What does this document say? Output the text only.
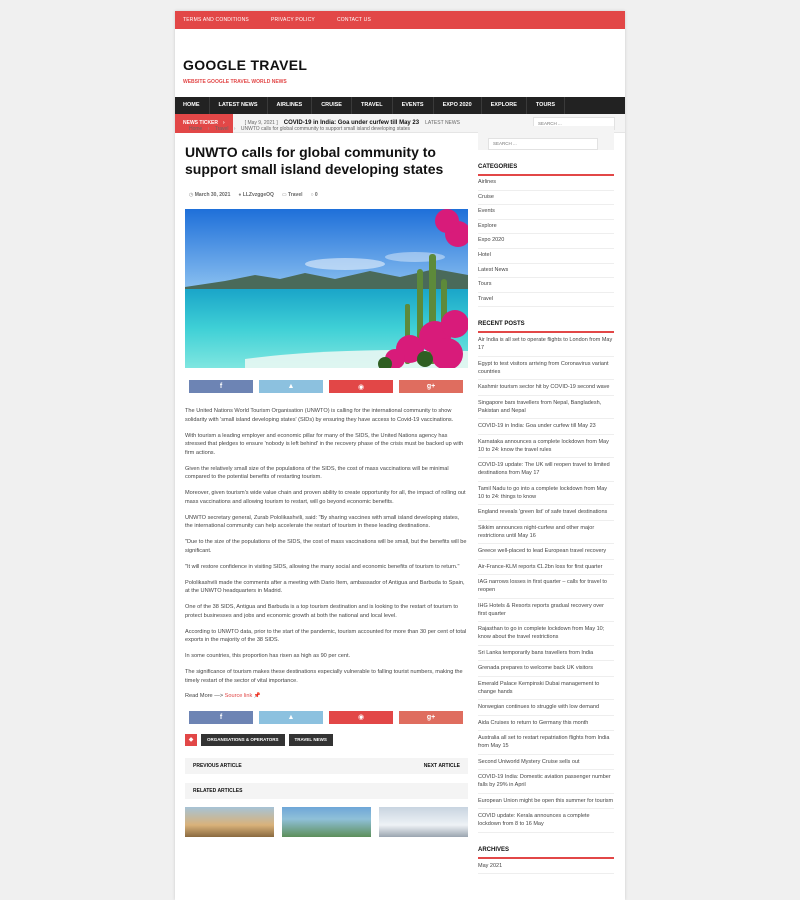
TERMS AND CONDITIONS	PRIVACY POLICY	CONTACT US
GOOGLE TRAVEL
WEBSITE GOOGLE TRAVEL WORLD NEWS
HOME	LATEST NEWS	AIRLINES	CRUISE	TRAVEL	EVENTS	EXPO 2020	EXPLORE	TOURS
NEWS TICKER ›	[ May 9, 2021 ] COVID-19 in India: Goa under curfew till May 23 LATEST NEWS
SEARCH ...
Home › Travel › UNWTO calls for global community to support small island developing states
UNWTO calls for global community to support small island developing states
◷ March 30, 2021 ● LLZvzggeOQ ▭ Travel ○ 0
f	▲	◉	g+

The United Nations World Tourism Organisation (UNWTO) is calling for the international community to show solidarity with 'small island developing states' (SIDs) by ensuring they have access to Covid-19 vaccinations.

With tourism a leading employer and economic pillar for many of the SIDS, the United Nations agency has stressed that pledges to ensure 'nobody is left behind' in the recovery phase of the crisis must be backed up with firm actions.

Given the relatively small size of the populations of the SIDS, the cost of mass vaccinations will be minimal compared to the potential benefits of restarting tourism.

Moreover, given tourism's wide value chain and proven ability to create opportunity for all, the impact of rolling out mass vaccinations and allowing tourism to restart, will go beyond economic benefits.

UNWTO secretary general, Zurab Pololikashvili, said: "By sharing vaccines with small island developing states, the international community can help accelerate the restart of tourism in these leading destinations.

"Due to the size of the populations of the SIDS, the cost of mass vaccinations will be small, but the benefits will be significant.

"It will restore confidence in visiting SIDS, allowing the many social and economic benefits of tourism to return."

Pololikashvili made the comments after a meeting with Dario Item, ambassador of Antigua and Barbuda to Spain, at the UNWTO headquarters in Madrid.

One of the 38 SIDS, Antigua and Barbuda is a top tourism destination and is looking to the restart of tourism to protect businesses and jobs and economic growth at both the national and local level.

According to UNWTO data, prior to the start of the pandemic, tourism accounted for more than 30 per cent of total exports in the majority of the 38 SIDS.

In some countries, this proportion has risen as high as 90 per cent.

The significance of tourism makes these destinations especially vulnerable to falling tourist numbers, making the timely restart of the sector of vital importance.

Read More —> Source link 📌
f	▲	◉	g+
◆	ORGANISATIONS & OPERATORS	TRAVEL NEWS
PREVIOUS ARTICLE	NEXT ARTICLE
RELATED ARTICLES
SEARCH ...
CATEGORIES
Airlines
Cruise
Events
Explore
Expo 2020
Hotel
Latest News
Tours
Travel
RECENT POSTS
Air India is all set to operate flights to London from May 17
Egypt to test visitors arriving from Coronavirus variant countries
Kashmir tourism sector hit by COVID-19 second wave
Singapore bars travellers from Nepal, Bangladesh, Pakistan and Nepal
COVID-19 in India: Goa under curfew till May 23
Karnataka announces a complete lockdown from May 10 to 24: know the travel rules
COVID-19 update: The UK will reopen travel to limited destinations from May 17
Tamil Nadu to go into a complete lockdown from May 10 to 24: things to know
England reveals 'green list' of safe travel destinations
Sikkim announces night-curfew and other major restrictions until May 16
Greece well-placed to lead European travel recovery
Air-France-KLM reports €1.2bn loss for first quarter
IAG narrows losses in first quarter – calls for travel to reopen
IHG Hotels & Resorts reports gradual recovery over first quarter
Rajasthan to go in complete lockdown from May 10; know about the travel restrictions
Sri Lanka temporarily bans travellers from India
Grenada prepares to welcome back UK visitors
Emerald Palace Kempinski Dubai management to change hands
Norwegian continues to struggle with low demand
Aida Cruises to return to Germany this month
Australia all set to restart repatriation flights from India from May 15
Second Uniworld Mystery Cruise sells out
COVID-19 India: Domestic aviation passenger number falls by 29% in April
European Union might be open this summer for tourism
COVID update: Kerala announces a complete lockdown from 8 to 16 May
ARCHIVES
May 2021
